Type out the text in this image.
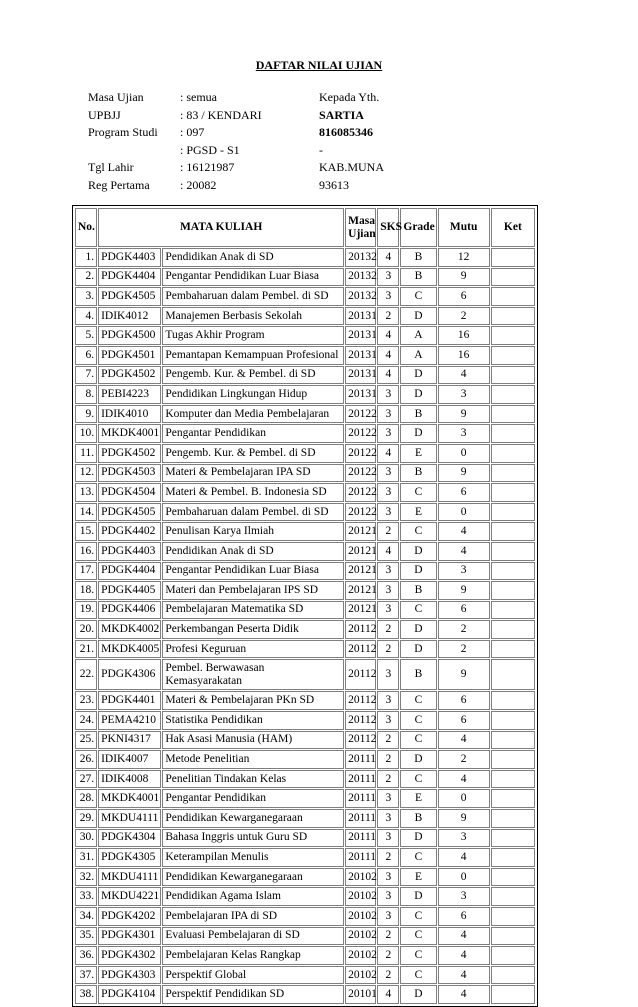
DAFTAR NILAI UJIAN
Masa Ujian	: semua	Kepada Yth.
UPBJJ	: 83 / KENDARI	SARTIA
Program Studi	: 097	816085346
	: PGSD - S1	-
Tgl Lahir	: 16121987	KAB.MUNA
Reg Pertama	: 20082	93613
No.	MATA KULIAH		Masa Ujian	SKS	Grade	Mutu	Ket
1.	PDGK4403	Pendidikan Anak di SD	20132	4	B	12	
2.	PDGK4404	Pengantar Pendidikan Luar Biasa	20132	3	B	9	
3.	PDGK4505	Pembaharuan dalam Pembel. di SD	20132	3	C	6	
4.	IDIK4012	Manajemen Berbasis Sekolah	20131	2	D	2	
5.	PDGK4500	Tugas Akhir Program	20131	4	A	16	
6.	PDGK4501	Pemantapan Kemampuan Profesional	20131	4	A	16	
7.	PDGK4502	Pengemb. Kur. & Pembel. di SD	20131	4	D	4	
8.	PEBI4223	Pendidikan Lingkungan Hidup	20131	3	D	3	
9.	IDIK4010	Komputer dan Media Pembelajaran	20122	3	B	9	
10.	MKDK4001	Pengantar Pendidikan	20122	3	D	3	
11.	PDGK4502	Pengemb. Kur. & Pembel. di SD	20122	4	E	0	
12.	PDGK4503	Materi & Pembelajaran IPA SD	20122	3	B	9	
13.	PDGK4504	Materi & Pembel. B. Indonesia SD	20122	3	C	6	
14.	PDGK4505	Pembaharuan dalam Pembel. di SD	20122	3	E	0	
15.	PDGK4402	Penulisan Karya Ilmiah	20121	2	C	4	
16.	PDGK4403	Pendidikan Anak di SD	20121	4	D	4	
17.	PDGK4404	Pengantar Pendidikan Luar Biasa	20121	3	D	3	
18.	PDGK4405	Materi dan Pembelajaran IPS SD	20121	3	B	9	
19.	PDGK4406	Pembelajaran Matematika SD	20121	3	C	6	
20.	MKDK4002	Perkembangan Peserta Didik	20112	2	D	2	
21.	MKDK4005	Profesi Keguruan	20112	2	D	2	
22.	PDGK4306	Pembel. Berwawasan Kemasyarakatan	20112	3	B	9	
23.	PDGK4401	Materi & Pembelajaran PKn SD	20112	3	C	6	
24.	PEMA4210	Statistika Pendidikan	20112	3	C	6	
25.	PKNI4317	Hak Asasi Manusia (HAM)	20112	2	C	4	
26.	IDIK4007	Metode Penelitian	20111	2	D	2	
27.	IDIK4008	Penelitian Tindakan Kelas	20111	2	C	4	
28.	MKDK4001	Pengantar Pendidikan	20111	3	E	0	
29.	MKDU4111	Pendidikan Kewarganegaraan	20111	3	B	9	
30.	PDGK4304	Bahasa Inggris untuk Guru SD	20111	3	D	3	
31.	PDGK4305	Keterampilan Menulis	20111	2	C	4	
32.	MKDU4111	Pendidikan Kewarganegaraan	20102	3	E	0	
33.	MKDU4221	Pendidikan Agama Islam	20102	3	D	3	
34.	PDGK4202	Pembelajaran IPA di SD	20102	3	C	6	
35.	PDGK4301	Evaluasi Pembelajaran di SD	20102	2	C	4	
36.	PDGK4302	Pembelajaran Kelas Rangkap	20102	2	C	4	
37.	PDGK4303	Perspektif Global	20102	2	C	4	
38.	PDGK4104	Perspektif Pendidikan SD	20101	4	D	4	
